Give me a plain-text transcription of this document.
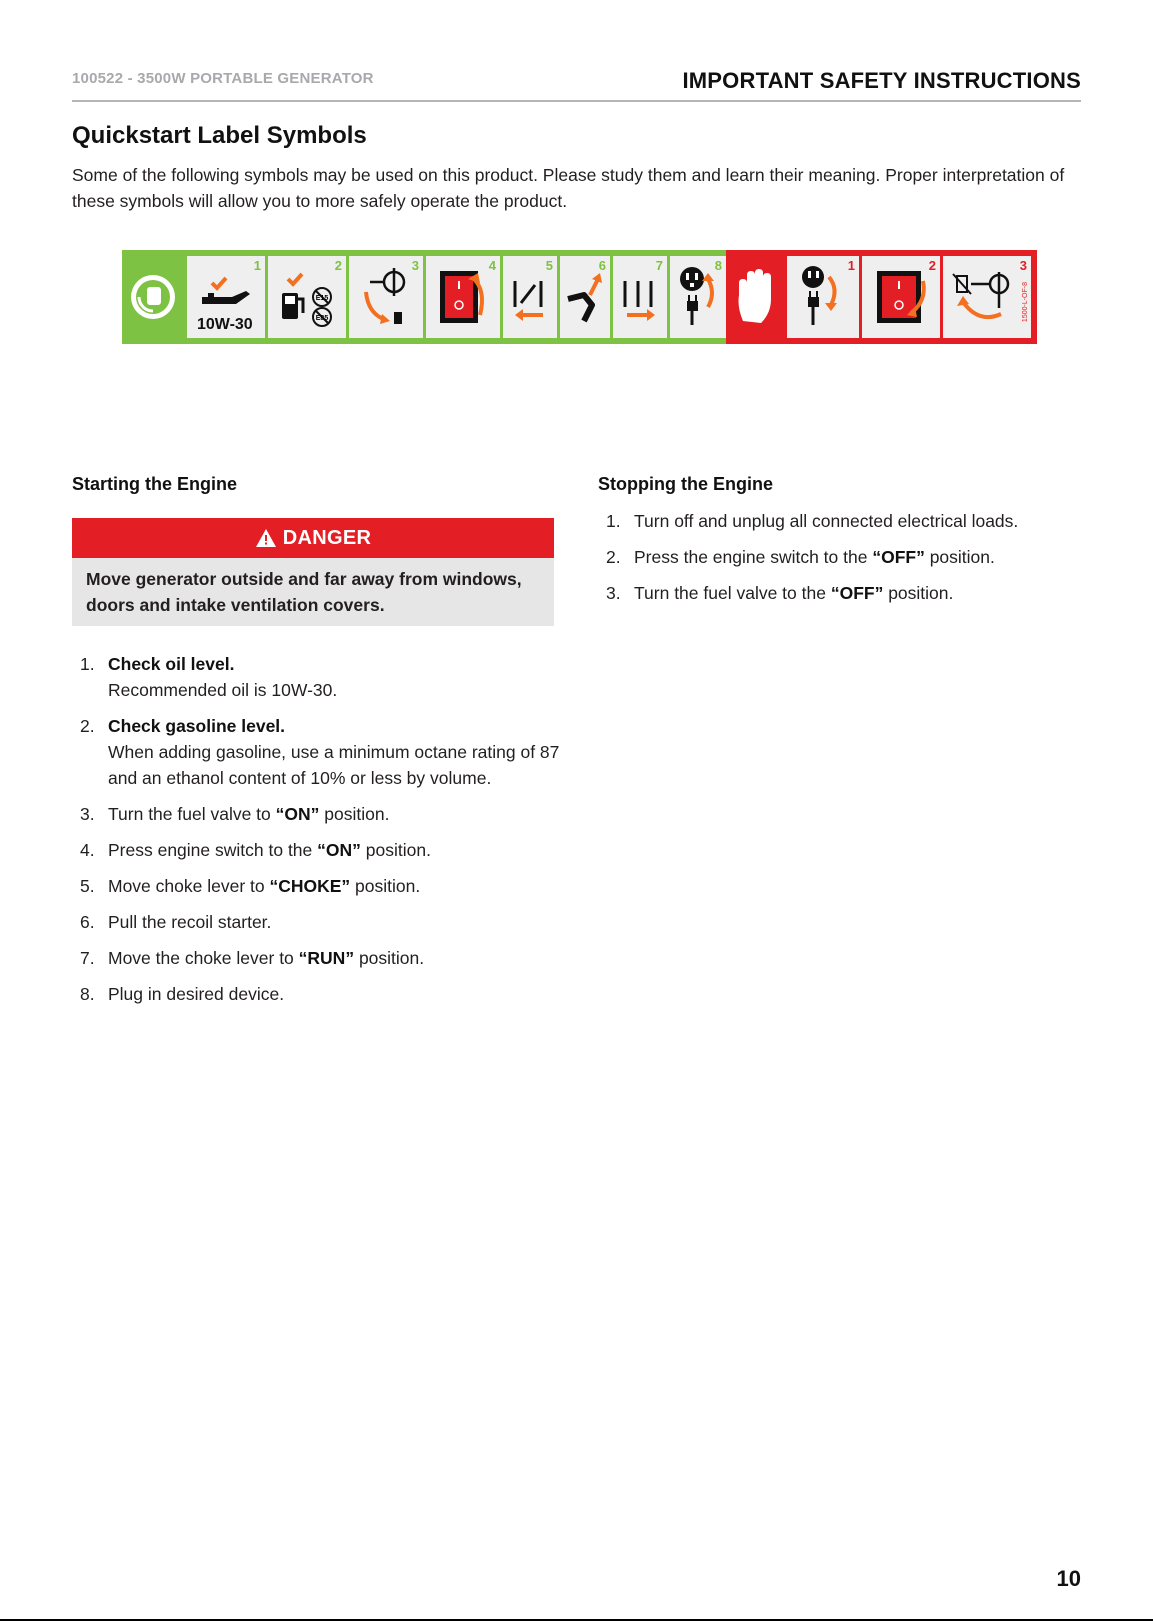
100522 - 3500W PORTABLE GENERATOR	IMPORTANT SAFETY INSTRUCTIONS
Quickstart Label Symbols
Some of the following symbols may be used on this product. Please study them and learn their meaning. Proper interpretation of these symbols will allow you to more safely operate the product.
1
10W-30
2
E15
E85
3	4	5	6	7	8	1	2	3
1500-L-OF-8
Starting the Engine
DANGER
Move generator outside and far away from windows, doors and intake ventilation covers.
1. Check oil level.
Recommended oil is 10W-30.
2. Check gasoline level.
When adding gasoline, use a minimum octane rating of 87 and an ethanol content of 10% or less by volume.
3. Turn the fuel valve to “ON” position.
4. Press engine switch to the “ON” position.
5. Move choke lever to “CHOKE” position.
6. Pull the recoil starter.
7. Move the choke lever to “RUN” position.
8. Plug in desired device.
Stopping the Engine
1. Turn off and unplug all connected electrical loads.
2. Press the engine switch to the “OFF” position.
3. Turn the fuel valve to the “OFF” position.
10
